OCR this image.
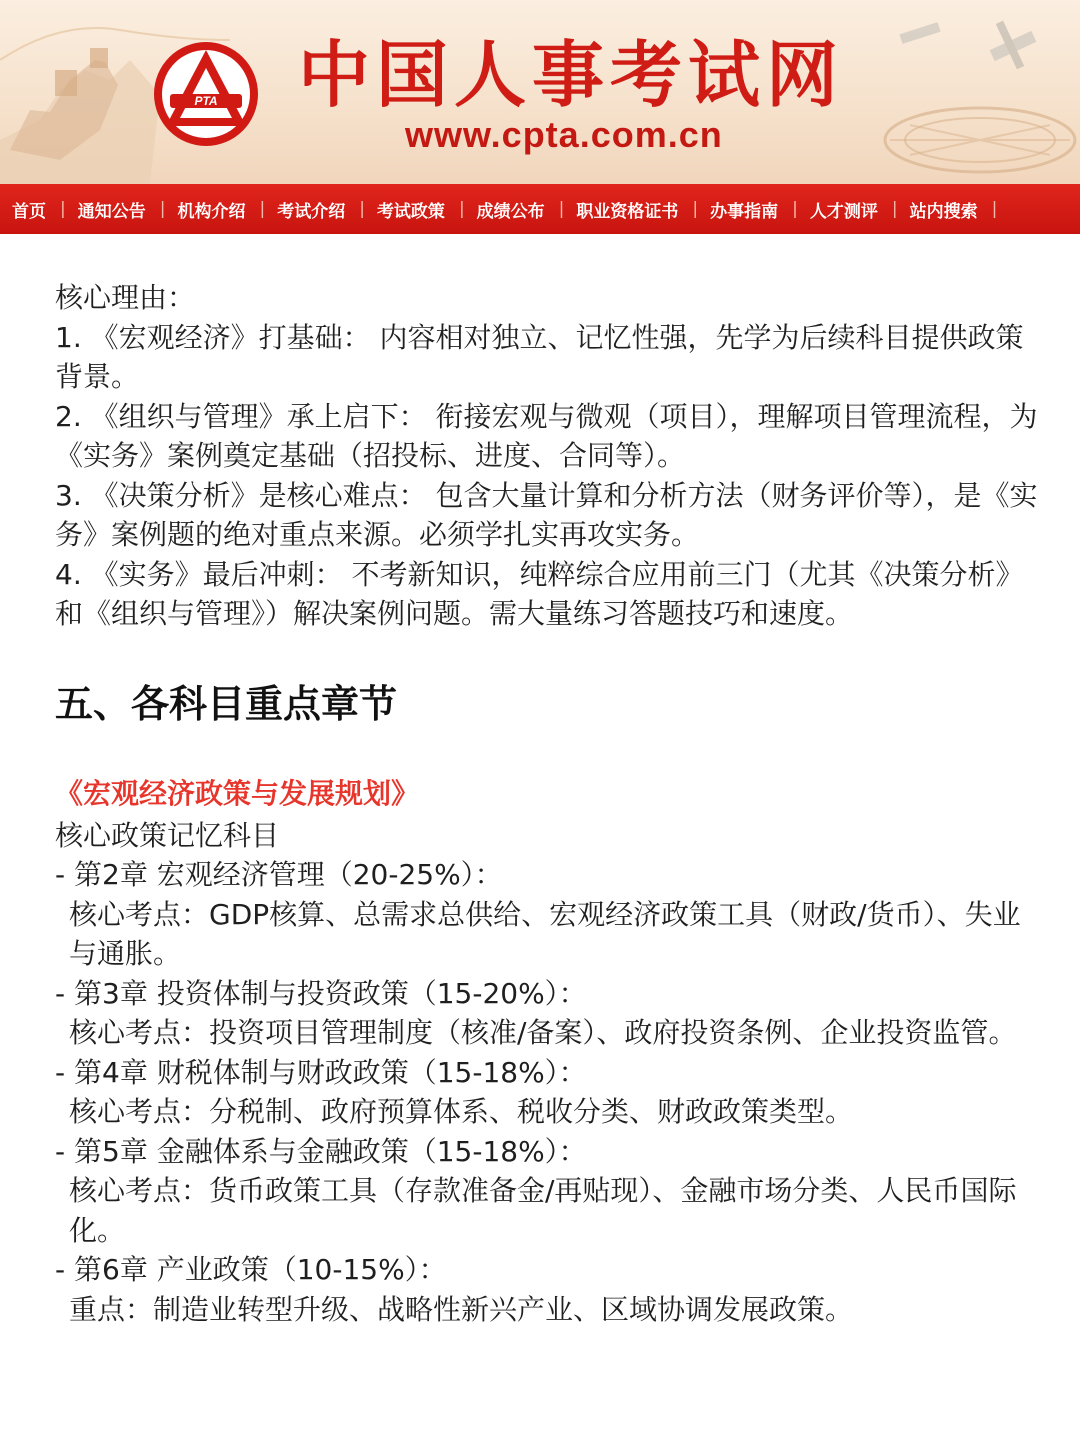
PTA 中国人事考试网
www.cpta.com.cn
首页 | 通知公告 | 机构介绍 | 考试介绍 | 考试政策 | 成绩公布 | 职业资格证书 | 办事指南 | 人才测评 | 站内搜索 |

核心理由：

1. 《宏观经济》打基础： 内容相对独立、记忆性强，先学为后续科目提供政策背景。

2. 《组织与管理》承上启下： 衔接宏观与微观（项目），理解项目管理流程，为《实务》案例奠定基础（招投标、进度、合同等）。

3. 《决策分析》是核心难点： 包含大量计算和分析方法（财务评价等），是《实务》案例题的绝对重点来源。必须学扎实再攻实务。

4. 《实务》最后冲刺： 不考新知识，纯粹综合应用前三门（尤其《决策分析》和《组织与管理》）解决案例问题。需大量练习答题技巧和速度。

五、各科目重点章节

《宏观经济政策与发展规划》

核心政策记忆科目

- 第2章 宏观经济管理（20-25%）：

核心考点：GDP核算、总需求总供给、宏观经济政策工具（财政/货币）、失业与通胀。

- 第3章 投资体制与投资政策（15-20%）：

核心考点：投资项目管理制度（核准/备案）、政府投资条例、企业投资监管。

- 第4章 财税体制与财政政策（15-18%）：

核心考点：分税制、政府预算体系、税收分类、财政政策类型。

- 第5章 金融体系与金融政策（15-18%）：

核心考点：货币政策工具（存款准备金/再贴现）、金融市场分类、人民币国际化。

- 第6章 产业政策（10-15%）：

重点：制造业转型升级、战略性新兴产业、区域协调发展政策。
